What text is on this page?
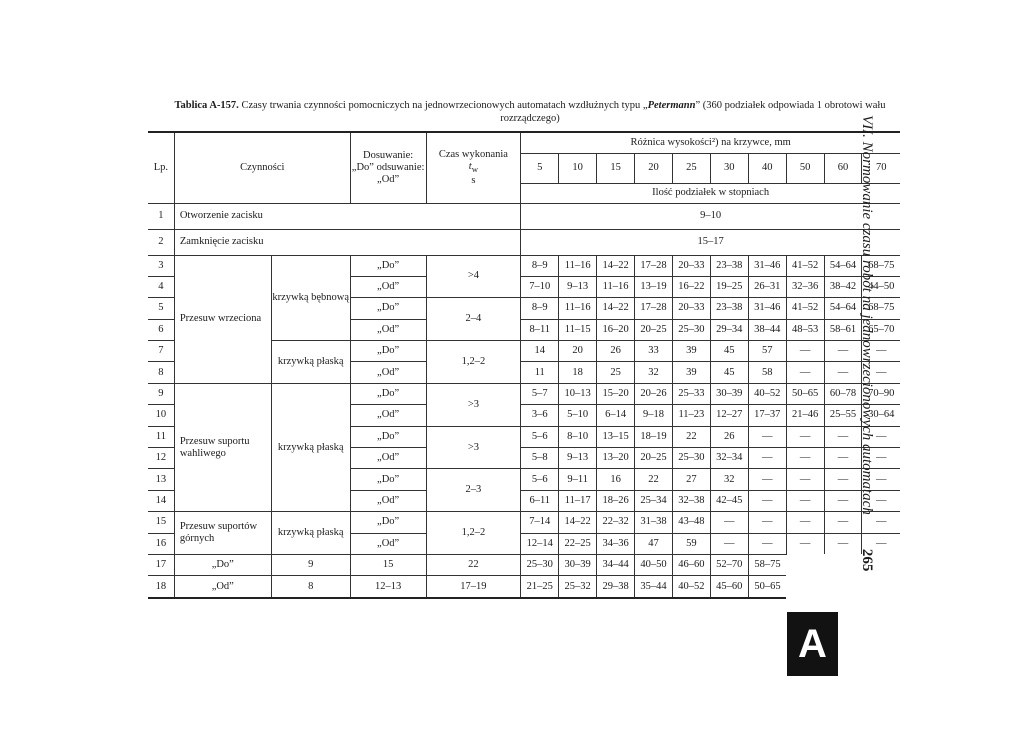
Tablica A-157. Czasy trwania czynności pomocniczych na jednowrzecionowych automatach wzdłużnych typu „Petermann” (360 podziałek odpowiada 1 obrotowi wału rozrządczego)
Lp.	Czynności		Dosuwanie: „Do” odsuwanie: „Od”	Czas wykonania
$t_w$
s	Różnica wysokości²) na krzywce, mm									
					5	10	15	20	25	30	40	50	60	70
					Ilość podziałek w stopniach									
1	Otworzenie zacisku				9–10									
2	Zamknięcie zacisku				15–17									
3	Przesuw wrzeciona	krzywką bębnową	„Do”	>4	8–9	11–16	14–22	17–28	20–33	23–38	31–46	41–52	54–64	68–75
4			„Od”		7–10	9–13	11–16	13–19	16–22	19–25	26–31	32–36	38–42	44–50
5			„Do”	2–4	8–9	11–16	14–22	17–28	20–33	23–38	31–46	41–52	54–64	68–75
6			„Od”		8–11	11–15	16–20	20–25	25–30	29–34	38–44	48–53	58–61	65–70
7		krzywką płaską	„Do”	1,2–2	14	20	26	33	39	45	57	—	—	—
8			„Od”		11	18	25	32	39	45	58	—	—	—
9	Przesuw suportu wahliwego	krzywką płaską	„Do”	>3	5–7	10–13	15–20	20–26	25–33	30–39	40–52	50–65	60–78	70–90
10			„Od”		3–6	5–10	6–14	9–18	11–23	12–27	17–37	21–46	25–55	30–64
11			„Do”	>3	5–6	8–10	13–15	18–19	22	26	—	—	—	—
12			„Od”		5–8	9–13	13–20	20–25	25–30	32–34	—	—	—	—
13			„Do”	2–3	5–6	9–11	16	22	27	32	—	—	—	—
14			„Od”		6–11	11–17	18–26	25–34	32–38	42–45	—	—	—	—
15	Przesuw suportów górnych	krzywką płaską	„Do”	1,2–2	7–14	14–22	22–32	31–38	43–48	—	—	—	—	—
16			„Od”		12–14	22–25	34–36	47	59	—	—	—	—	—
17	„Do”	9	15	22	25–30	30–39	34–44	40–50	46–60	52–70	58–75			
18	„Od”	8	12–13	17–19	21–25	25–32	29–38	35–44	40–52	45–60	50–65			
VII. Normowanie czasu robót na jednowrzecionowych automatach265
A
